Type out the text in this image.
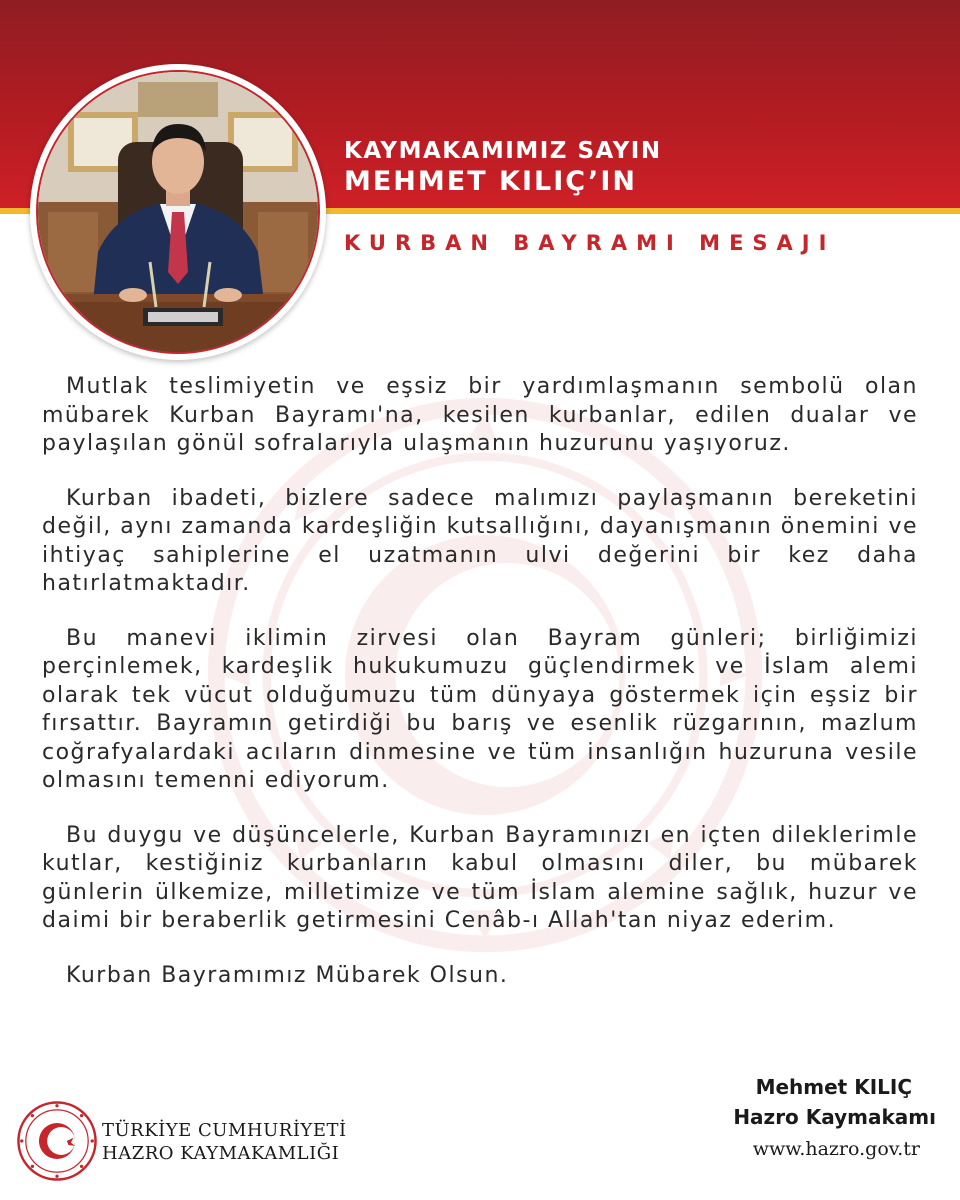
KAYMAKAMIMIZ SAYIN
MEHMET KILIÇ’IN
KURBAN BAYRAMI MESAJI

Mutlak teslimiyetin ve eşsiz bir yardımlaşmanın sembolü olan mübarek Kurban Bayramı'na, kesilen kurbanlar, edilen dualar ve paylaşılan gönül sofralarıyla ulaşmanın huzurunu yaşıyoruz.

Kurban ibadeti, bizlere sadece malımızı paylaşmanın bereketini değil, aynı zamanda kardeşliğin kutsallığını, dayanışmanın önemini ve ihtiyaç sahiplerine el uzatmanın ulvi değerini bir kez daha hatırlatmaktadır.

Bu manevi iklimin zirvesi olan Bayram günleri; birliğimizi perçinlemek, kardeşlik hukukumuzu güçlendirmek ve İslam alemi olarak tek vücut olduğumuzu tüm dünyaya göstermek için eşsiz bir fırsattır. Bayramın getirdiği bu barış ve esenlik rüzgarının, mazlum coğrafyalardaki acıların dinmesine ve tüm insanlığın huzuruna vesile olmasını temenni ediyorum.

Bu duygu ve düşüncelerle, Kurban Bayramınızı en içten dileklerimle kutlar, kestiğiniz kurbanların kabul olmasını diler, bu mübarek günlerin ülkemize, milletimize ve tüm İslam alemine sağlık, huzur ve daimi bir beraberlik getirmesini Cenâb-ı Allah'tan niyaz ederim.

Kurban Bayramımız Mübarek Olsun.

Mehmet KILIÇ
Hazro Kaymakamı
www.hazro.gov.tr
TÜRKİYE CUMHURİYETİ
HAZRO KAYMAKAMLIĞI
